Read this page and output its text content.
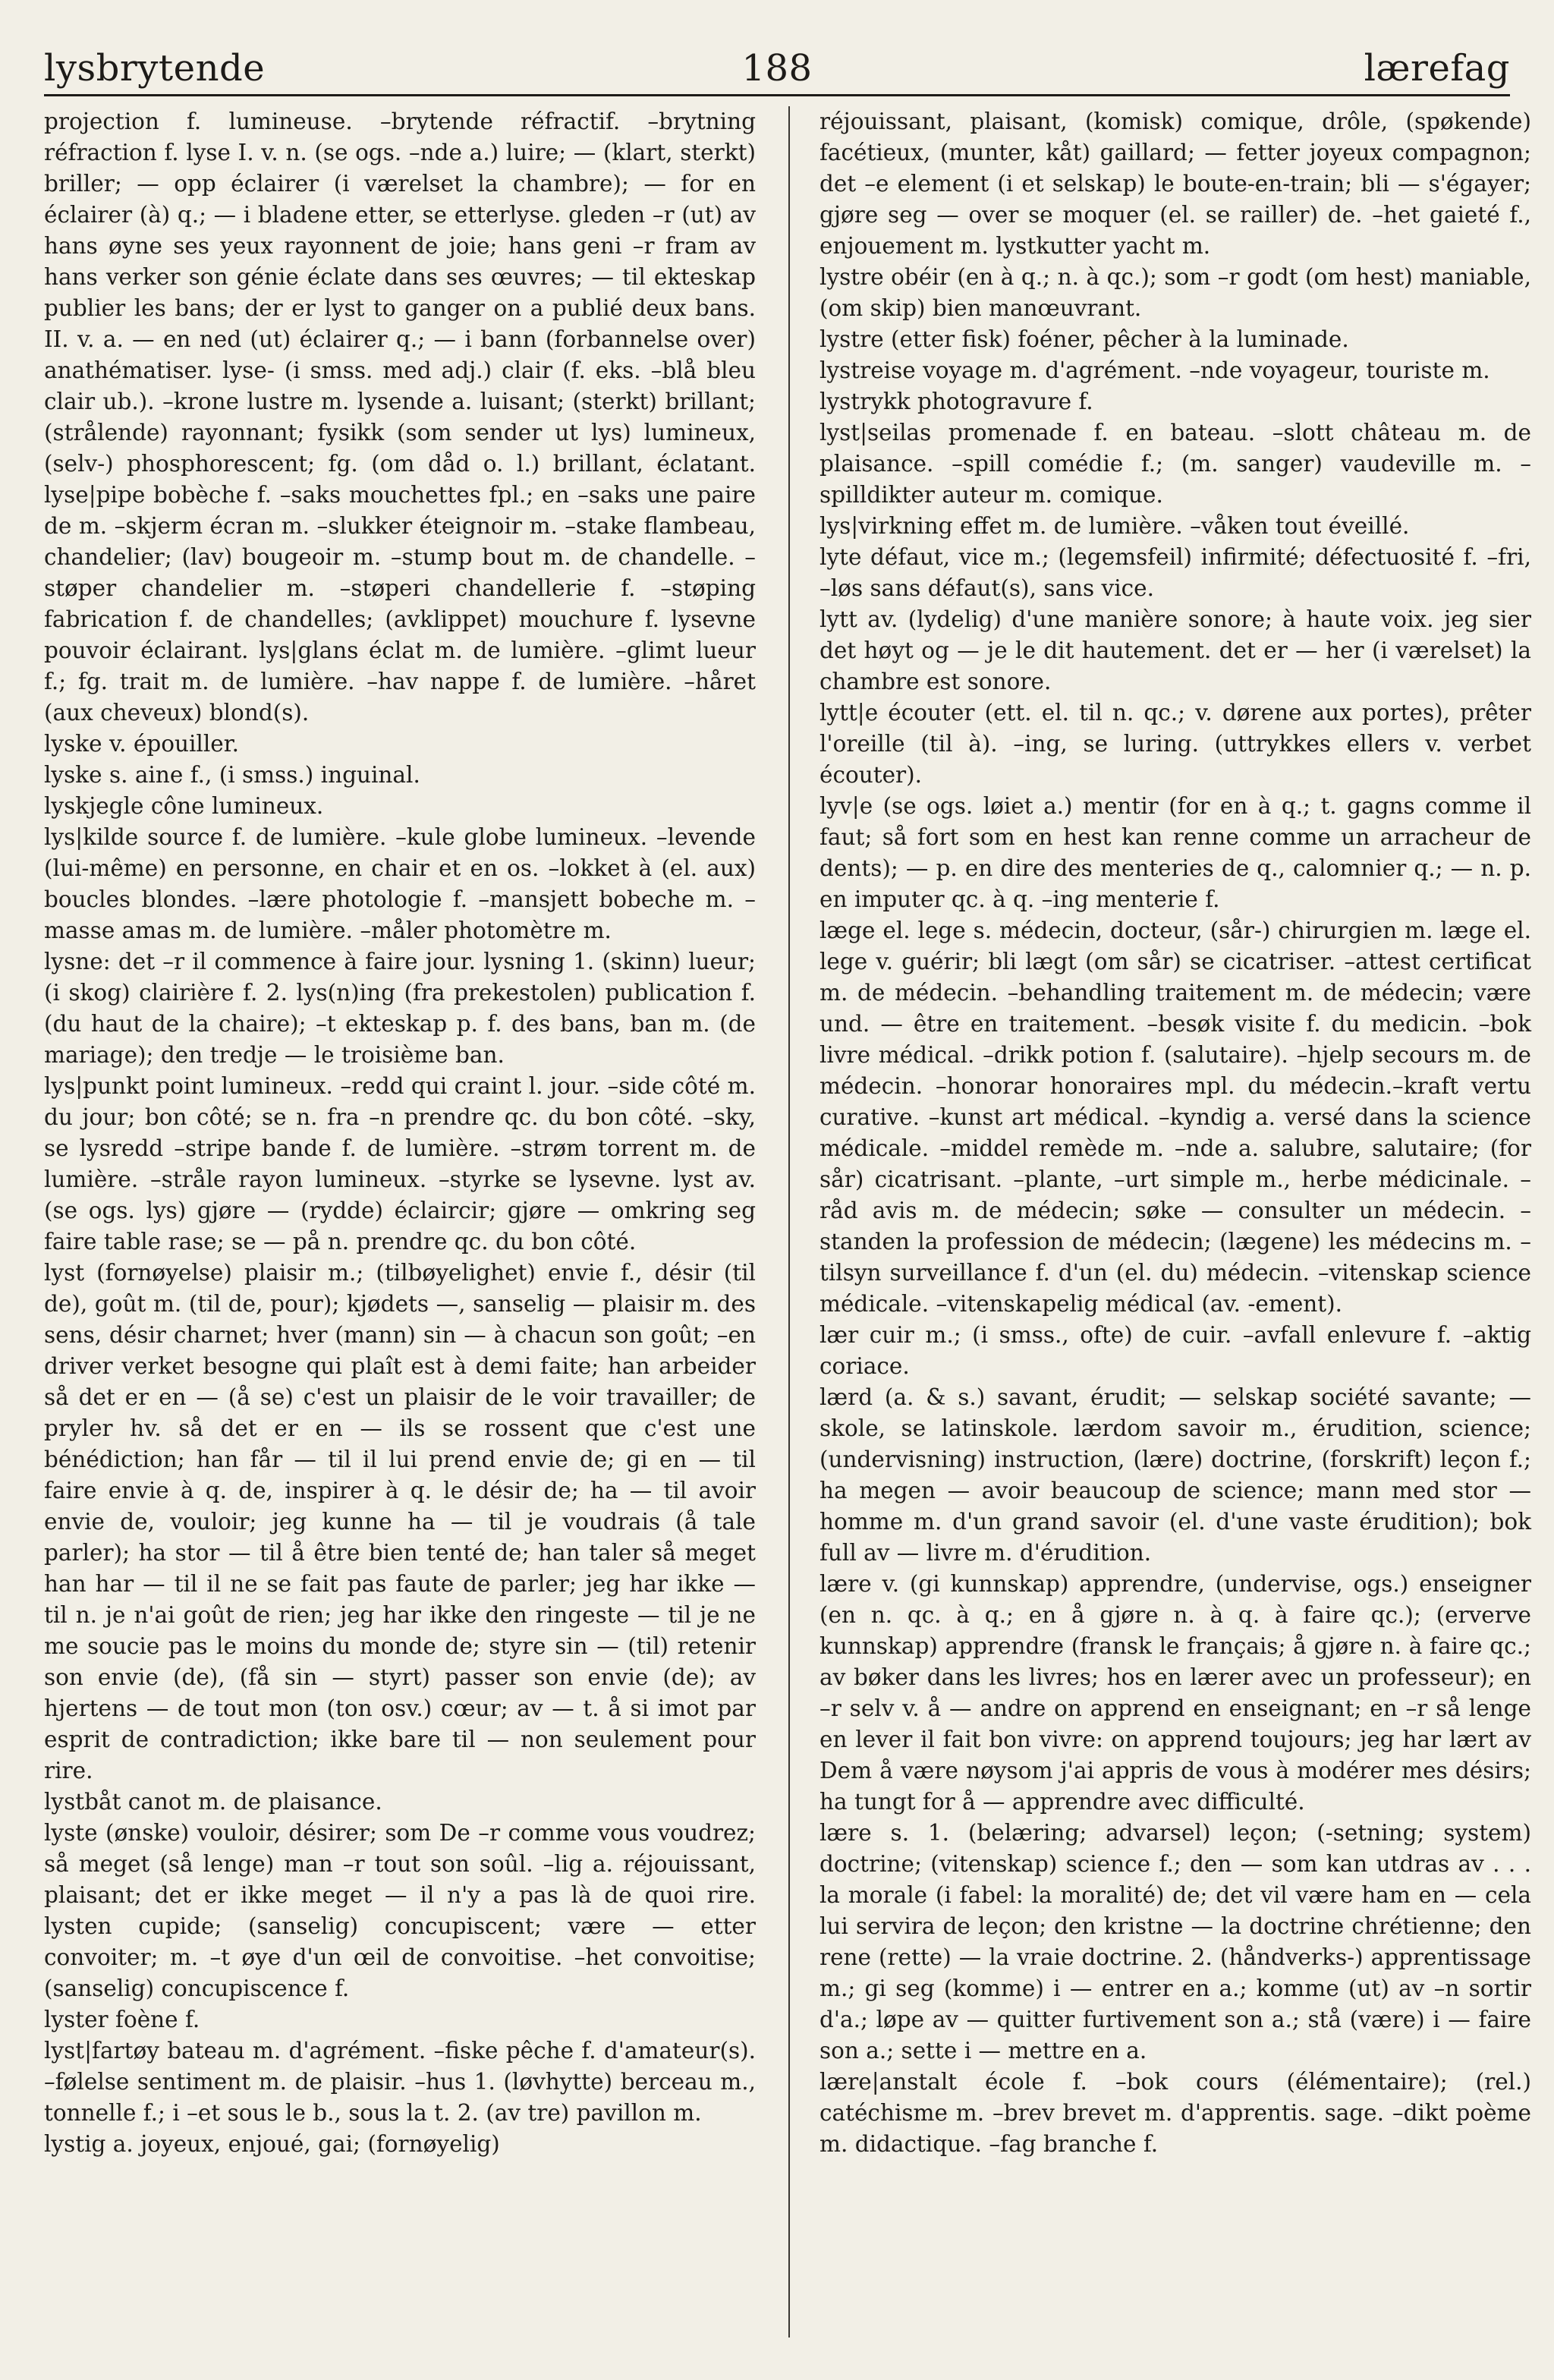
lysbrytende	188	lærefag

projection f. lumineuse. –brytende réfractif. –brytning réfraction f. lyse I. v. n. (se ogs. –nde a.) luire; — (klart, sterkt) briller; — opp éclairer (i værelset la chambre); — for en éclairer (à) q.; — i bladene etter, se etterlyse. gleden –r (ut) av hans øyne ses yeux rayonnent de joie; hans geni –r fram av hans verker son génie éclate dans ses œuvres; — til ekteskap publier les bans; der er lyst to ganger on a publié deux bans. II. v. a. — en ned (ut) éclairer q.; — i bann (forbannelse over) anathématiser. lyse- (i smss. med adj.) clair (f. eks. –blå bleu clair ub.). –krone lustre m. lysende a. luisant; (sterkt) brillant; (strålende) rayonnant; fysikk (som sender ut lys) lumineux, (selv-) phosphorescent; fg. (om dåd o. l.) brillant, éclatant. lyse|pipe bobèche f. –saks mouchettes fpl.; en –saks une paire de m. –skjerm écran m. –slukker éteignoir m. –stake flambeau, chandelier; (lav) bougeoir m. –stump bout m. de chandelle. –støper chandelier m. –støperi chandellerie f. –støping fabrication f. de chandelles; (avklippet) mouchure f. lysevne pouvoir éclairant. lys|glans éclat m. de lumière. –glimt lueur f.; fg. trait m. de lumière. –hav nappe f. de lumière. –håret (aux cheveux) blond(s).

lyske v. épouiller.

lyske s. aine f., (i smss.) inguinal.

lyskjegle cône lumineux.

lys|kilde source f. de lumière. –kule globe lumineux. –levende (lui-même) en personne, en chair et en os. –lokket à (el. aux) boucles blondes. –lære photologie f. –mansjett bobeche m. –masse amas m. de lumière. –måler photomètre m.

lysne: det –r il commence à faire jour. lysning 1. (skinn) lueur; (i skog) clairière f. 2. lys(n)ing (fra prekestolen) publication f. (du haut de la chaire); –t ekteskap p. f. des bans, ban m. (de mariage); den tredje — le troisième ban.

lys|punkt point lumineux. –redd qui craint l. jour. –side côté m. du jour; bon côté; se n. fra –n prendre qc. du bon côté. –sky, se lysredd –stripe bande f. de lumière. –strøm torrent m. de lumière. –stråle rayon lumineux. –styrke se lysevne. lyst av. (se ogs. lys) gjøre — (rydde) éclaircir; gjøre — omkring seg faire table rase; se — på n. prendre qc. du bon côté.

lyst (fornøyelse) plaisir m.; (tilbøyelighet) envie f., désir (til de), goût m. (til de, pour); kjødets —, sanselig — plaisir m. des sens, désir charnet; hver (mann) sin — à chacun son goût; –en driver verket besogne qui plaît est à demi faite; han arbeider så det er en — (å se) c'est un plaisir de le voir travailler; de pryler hv. så det er en — ils se rossent que c'est une bénédiction; han får — til il lui prend envie de; gi en — til faire envie à q. de, inspirer à q. le désir de; ha — til avoir envie de, vouloir; jeg kunne ha — til je voudrais (å tale parler); ha stor — til å être bien tenté de; han taler så meget han har — til il ne se fait pas faute de parler; jeg har ikke — til n. je n'ai goût de rien; jeg har ikke den ringeste — til je ne me soucie pas le moins du monde de; styre sin — (til) retenir son envie (de), (få sin — styrt) passer son envie (de); av hjertens — de tout mon (ton osv.) cœur; av — t. å si imot par esprit de contradiction; ikke bare til — non seulement pour rire.

lystbåt canot m. de plaisance.

lyste (ønske) vouloir, désirer; som De –r comme vous voudrez; så meget (så lenge) man –r tout son soûl. –lig a. réjouissant, plaisant; det er ikke meget — il n'y a pas là de quoi rire. lysten cupide; (sanselig) concupiscent; være — etter convoiter; m. –t øye d'un œil de convoitise. –het convoitise; (sanselig) concupiscence f.

lyster foène f.

lyst|fartøy bateau m. d'agrément. –fiske pêche f. d'amateur(s). –følelse sentiment m. de plaisir. –hus 1. (løvhytte) berceau m., tonnelle f.; i –et sous le b., sous la t. 2. (av tre) pavillon m.

lystig a. joyeux, enjoué, gai; (fornøyelig)

réjouissant, plaisant, (komisk) comique, drôle, (spøkende) facétieux, (munter, kåt) gaillard; — fetter joyeux compagnon; det –e element (i et selskap) le boute-en-train; bli — s'égayer; gjøre seg — over se moquer (el. se railler) de. –het gaieté f., enjouement m. lystkutter yacht m.

lystre obéir (en à q.; n. à qc.); som –r godt (om hest) maniable, (om skip) bien manœuvrant.

lystre (etter fisk) foéner, pêcher à la luminade.

lystreise voyage m. d'agrément. –nde voyageur, touriste m.

lystrykk photogravure f.

lyst|seilas promenade f. en bateau. –slott château m. de plaisance. –spill comédie f.; (m. sanger) vaudeville m. –spilldikter auteur m. comique.

lys|virkning effet m. de lumière. –våken tout éveillé.

lyte défaut, vice m.; (legemsfeil) infirmité; défectuosité f. –fri, –løs sans défaut(s), sans vice.

lytt av. (lydelig) d'une manière sonore; à haute voix. jeg sier det høyt og — je le dit hautement. det er — her (i værelset) la chambre est sonore.

lytt|e écouter (ett. el. til n. qc.; v. dørene aux portes), prêter l'oreille (til à). –ing, se luring. (uttrykkes ellers v. verbet écouter).

lyv|e (se ogs. løiet a.) mentir (for en à q.; t. gagns comme il faut; så fort som en hest kan renne comme un arracheur de dents); — p. en dire des menteries de q., calomnier q.; — n. p. en imputer qc. à q. –ing menterie f.

læge el. lege s. médecin, docteur, (sår-) chirurgien m. læge el. lege v. guérir; bli lægt (om sår) se cicatriser. –attest certificat m. de médecin. –behandling traitement m. de médecin; være und. — être en traitement. –besøk visite f. du medicin. –bok livre médical. –drikk potion f. (salutaire). –hjelp secours m. de médecin. –honorar honoraires mpl. du médecin.–kraft vertu curative. –kunst art médical. –kyndig a. versé dans la science médicale. –middel remède m. –nde a. salubre, salutaire; (for sår) cicatrisant. –plante, –urt simple m., herbe médicinale. –råd avis m. de médecin; søke — consulter un médecin. –standen la profession de médecin; (lægene) les médecins m. –tilsyn surveillance f. d'un (el. du) médecin. –vitenskap science médicale. –vitenskapelig médical (av. -ement).

lær cuir m.; (i smss., ofte) de cuir. –avfall enlevure f. –aktig coriace.

lærd (a. & s.) savant, érudit; — selskap société savante; — skole, se latinskole. lærdom savoir m., érudition, science; (undervisning) instruction, (lære) doctrine, (forskrift) leçon f.; ha megen — avoir beaucoup de science; mann med stor — homme m. d'un grand savoir (el. d'une vaste érudition); bok full av — livre m. d'érudition.

lære v. (gi kunnskap) apprendre, (undervise, ogs.) enseigner (en n. qc. à q.; en å gjøre n. à q. à faire qc.); (erverve kunnskap) apprendre (fransk le français; å gjøre n. à faire qc.; av bøker dans les livres; hos en lærer avec un professeur); en –r selv v. å — andre on apprend en enseignant; en –r så lenge en lever il fait bon vivre: on apprend toujours; jeg har lært av Dem å være nøysom j'ai appris de vous à modérer mes désirs; ha tungt for å — apprendre avec difficulté.

lære s. 1. (belæring; advarsel) leçon; (-setning; system) doctrine; (vitenskap) science f.; den — som kan utdras av . . . la morale (i fabel: la moralité) de; det vil være ham en — cela lui servira de leçon; den kristne — la doctrine chrétienne; den rene (rette) — la vraie doctrine. 2. (håndverks-) apprentissage m.; gi seg (komme) i — entrer en a.; komme (ut) av –n sortir d'a.; løpe av — quitter furtivement son a.; stå (være) i — faire son a.; sette i — mettre en a.

lære|anstalt école f. –bok cours (élémentaire); (rel.) catéchisme m. –brev brevet m. d'apprentis. sage. –dikt poème m. didactique. –fag branche f.
